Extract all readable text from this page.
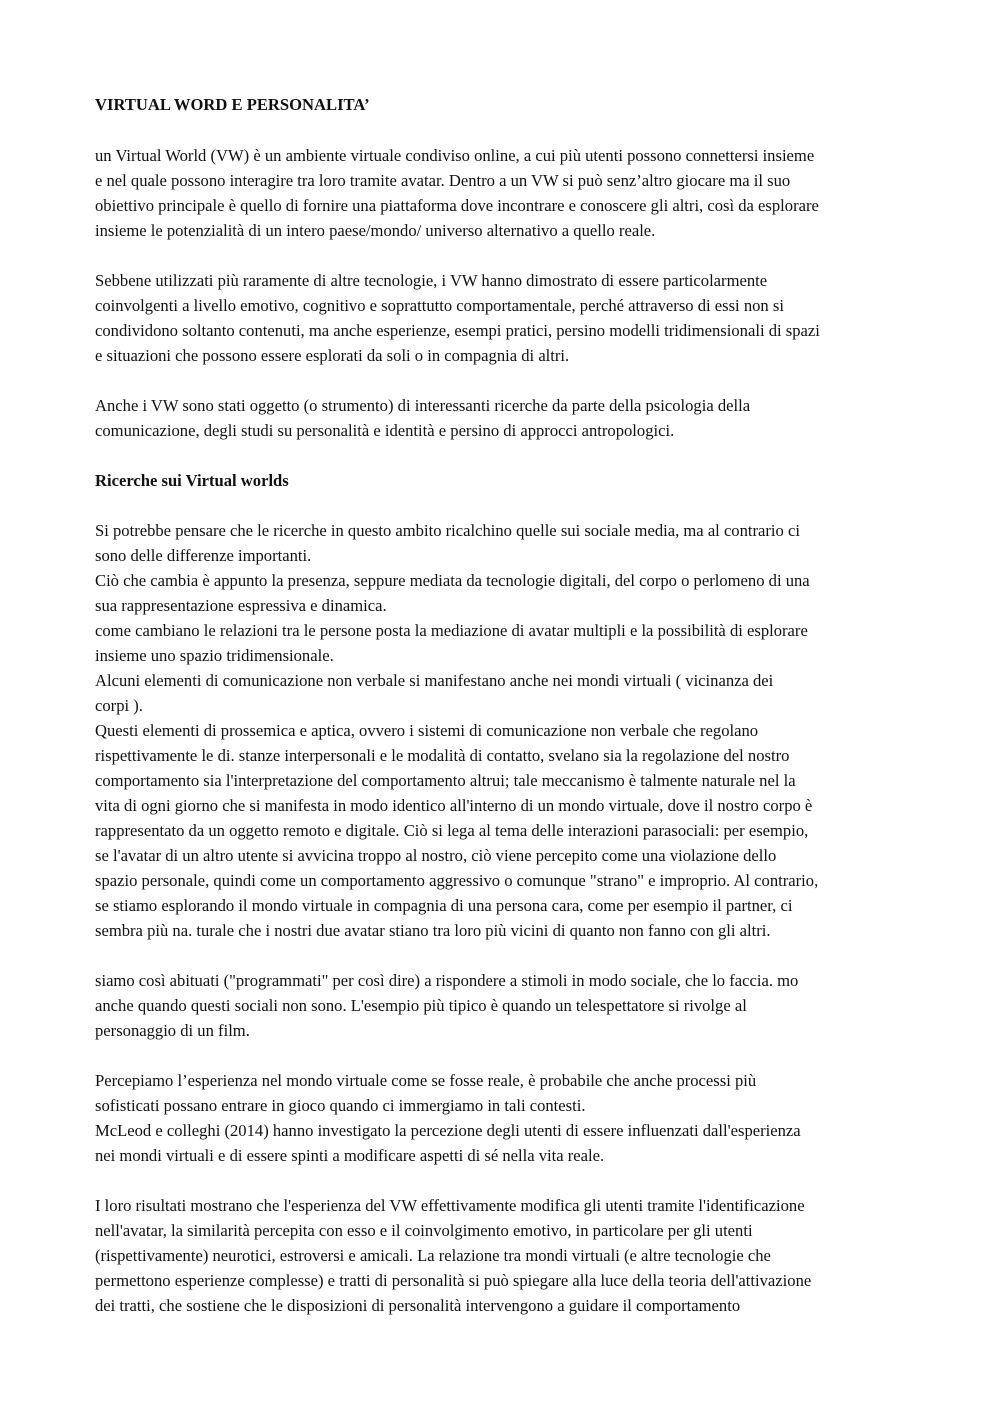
VIRTUAL WORD E PERSONALITA’
un Virtual World (VW) è un ambiente virtuale condiviso online, a cui più utenti possono connettersi insieme
e nel quale possono interagire tra loro tramite avatar. Dentro a un VW si può senz’altro giocare ma il suo
obiettivo principale è quello di fornire una piattaforma dove incontrare e conoscere gli altri, così da esplorare
insieme le potenzialità di un intero paese/mondo/ universo alternativo a quello reale.
Sebbene utilizzati più raramente di altre tecnologie, i VW hanno dimostrato di essere particolarmente
coinvolgenti a livello emotivo, cognitivo e soprattutto comportamentale, perché attraverso di essi non si
condividono soltanto contenuti, ma anche esperienze, esempi pratici, persino modelli tridimensionali di spazi
e situazioni che possono essere esplorati da soli o in compagnia di altri.
Anche i VW sono stati oggetto (o strumento) di interessanti ricerche da parte della psicologia della
comunicazione, degli studi su personalità e identità e persino di approcci antropologici.
Ricerche sui Virtual worlds
Si potrebbe pensare che le ricerche in questo ambito ricalchino quelle sui sociale media, ma al contrario ci
sono delle differenze importanti.
Ciò che cambia è appunto la presenza, seppure mediata da tecnologie digitali, del corpo o perlomeno di una
sua rappresentazione espressiva e dinamica.
come cambiano le relazioni tra le persone posta la mediazione di avatar multipli e la possibilità di esplorare
insieme uno spazio tridimensionale.
Alcuni elementi di comunicazione non verbale si manifestano anche nei mondi virtuali ( vicinanza dei
corpi ).
Questi elementi di prossemica e aptica, ovvero i sistemi di comunicazione non verbale che regolano
rispettivamente le di. stanze interpersonali e le modalità di contatto, svelano sia la regolazione del nostro
comportamento sia l'interpretazione del comportamento altrui; tale meccanismo è talmente naturale nel la
vita di ogni giorno che si manifesta in modo identico all'interno di un mondo virtuale, dove il nostro corpo è
rappresentato da un oggetto remoto e digitale. Ciò si lega al tema delle interazioni parasociali: per esempio,
se l'avatar di un altro utente si avvicina troppo al nostro, ciò viene percepito come una violazione dello
spazio personale, quindi come un comportamento aggressivo o comunque "strano" e improprio. Al contrario,
se stiamo esplorando il mondo virtuale in compagnia di una persona cara, come per esempio il partner, ci
sembra più na. turale che i nostri due avatar stiano tra loro più vicini di quanto non fanno con gli altri.
siamo così abituati ("programmati" per così dire) a rispondere a stimoli in modo sociale, che lo faccia. mo
anche quando questi sociali non sono. L'esempio più tipico è quando un telespettatore si rivolge al
personaggio di un film.
Percepiamo l’esperienza nel mondo virtuale come se fosse reale, è probabile che anche processi più
sofisticati possano entrare in gioco quando ci immergiamo in tali contesti.
McLeod e colleghi (2014) hanno investigato la percezione degli utenti di essere influenzati dall'esperienza
nei mondi virtuali e di essere spinti a modificare aspetti di sé nella vita reale.
I loro risultati mostrano che l'esperienza del VW effettivamente modifica gli utenti tramite l'identificazione
nell'avatar, la similarità percepita con esso e il coinvolgimento emotivo, in particolare per gli utenti
(rispettivamente) neurotici, estroversi e amicali. La relazione tra mondi virtuali (e altre tecnologie che
permettono esperienze complesse) e tratti di personalità si può spiegare alla luce della teoria dell'attivazione
dei tratti, che sostiene che le disposizioni di personalità intervengono a guidare il comportamento
